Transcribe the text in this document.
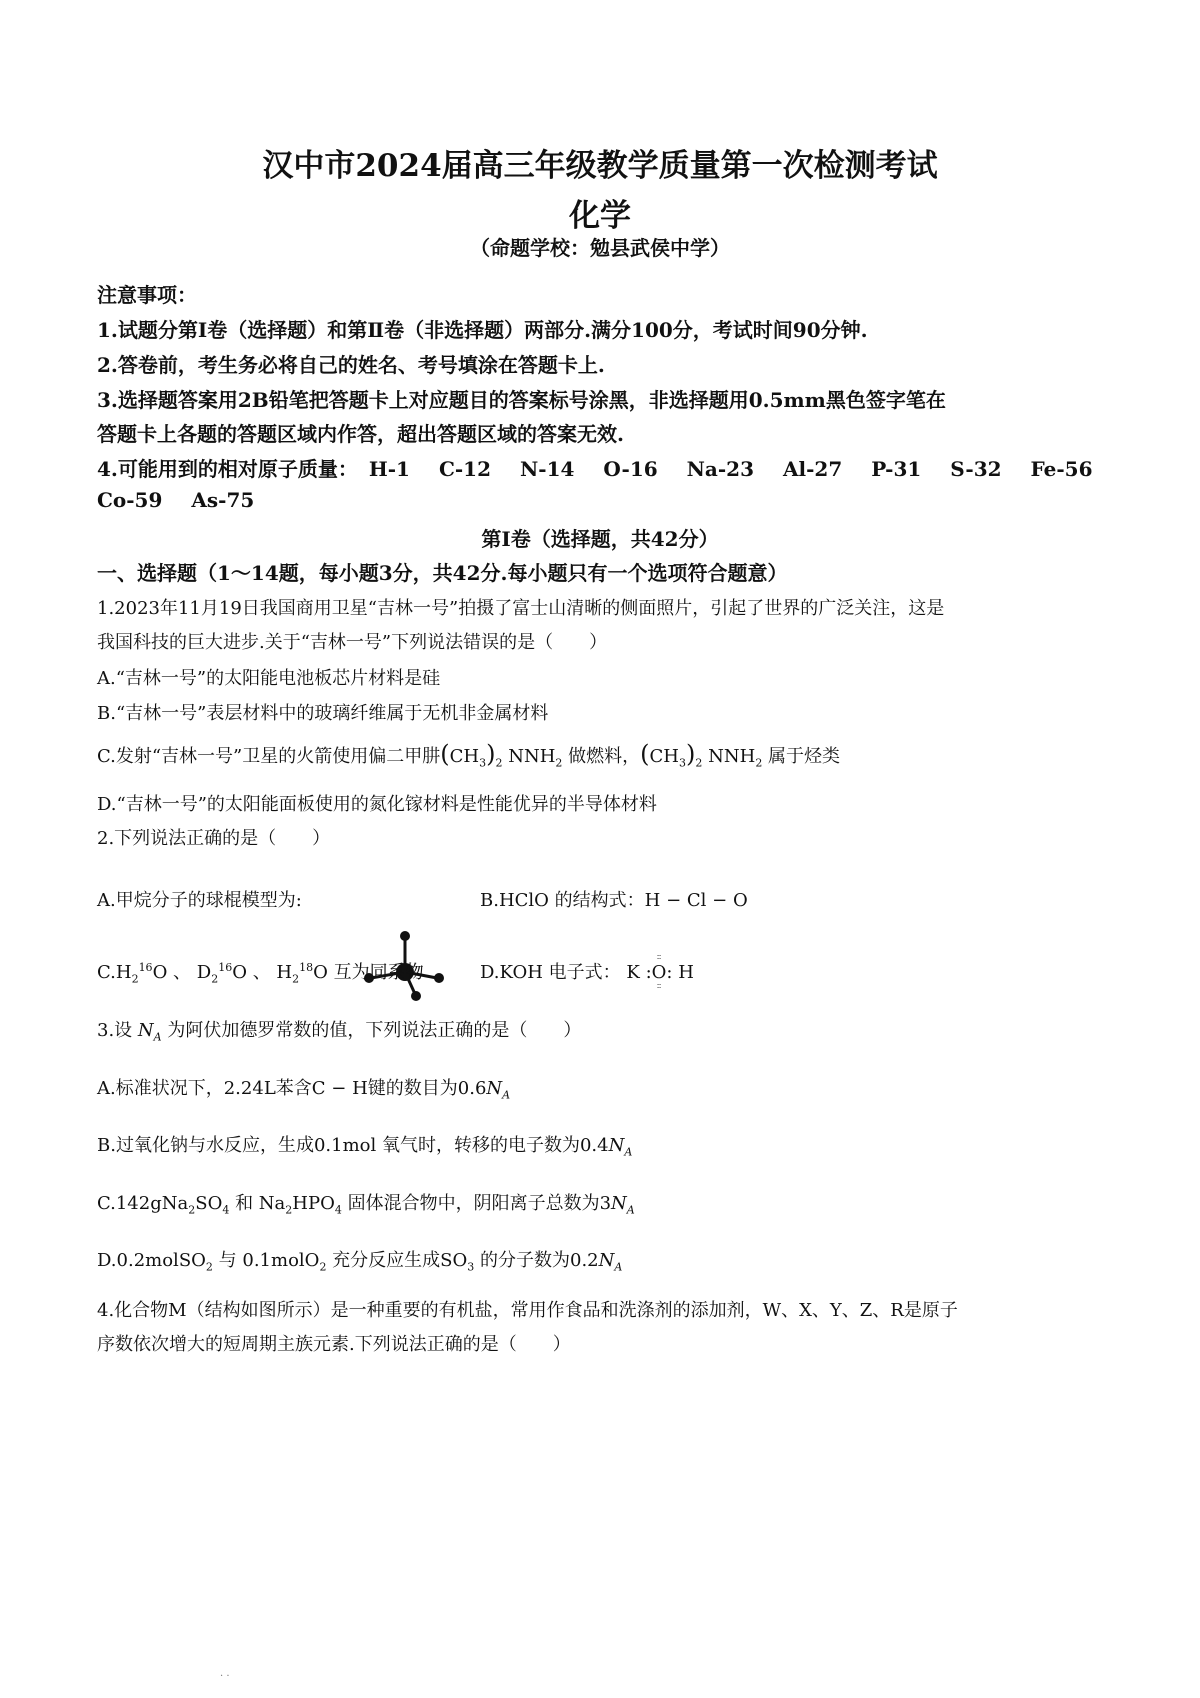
汉中市2024届高三年级教学质量第一次检测考试
化学
（命题学校：勉县武侯中学）
注意事项：
1.试题分第Ⅰ卷（选择题）和第Ⅱ卷（非选择题）两部分.满分100分，考试时间90分钟.
2.答卷前，考生务必将自己的姓名、考号填涂在答题卡上.
3.选择题答案用2B铅笔把答题卡上对应题目的答案标号涂黑，非选择题用0.5mm黑色签字笔在
答题卡上各题的答题区域内作答，超出答题区域的答案无效.
4.可能用到的相对原子质量： H-1 C-12 N-14 O-16 Na-23 Al-27 P-31 S-32 Fe-56
Co-59 As-75
第Ⅰ卷（选择题，共42分）
一、选择题（1～14题，每小题3分，共42分.每小题只有一个选项符合题意）
1.2023年11月19日我国商用卫星“吉林一号”拍摄了富士山清晰的侧面照片，引起了世界的广泛关注，这是
我国科技的巨大进步.关于“吉林一号”下列说法错误的是（　　）
A.“吉林一号”的太阳能电池板芯片材料是硅
B.“吉林一号”表层材料中的玻璃纤维属于无机非金属材料
C.发射“吉林一号”卫星的火箭使用偏二甲肼$(CH_3)_2$ $NNH_2$ 做燃料，$(CH_3)_2$ $NNH_2$ 属于烃类
D.“吉林一号”的太阳能面板使用的氮化镓材料是性能优异的半导体材料
2.下列说法正确的是（　　）
A.甲烷分子的球棍模型为:	B.HClO 的结构式：H − Cl − O
$C.H_2^{16}O$ 、 $D_2^{16}O$ 、 $H_2^{18}O$ 互为同系物	D.KOH 电子式： K :
∶∶
O
∶∶
: H
3.设 $N_A$ 为阿伏加德罗常数的值，下列说法正确的是（　　）
A.标准状况下，2.24L苯含C − H键的数目为$0.6N_A$
B.过氧化钠与水反应，生成0.1mol 氧气时，转移的电子数为$0.4N_A$
$C.142gNa_2SO_4$ 和 $Na_2HPO_4$ 固体混合物中，阴阳离子总数为$3N_A$
D.0.2molSO$_2$ 与 0.1molO$_2$ 充分反应生成$SO_3$ 的分子数为$0.2N_A$
4.化合物M（结构如图所示）是一种重要的有机盐，常用作食品和洗涤剂的添加剂，W、X、Y、Z、R是原子
序数依次增大的短周期主族元素.下列说法正确的是（　　）
. .
